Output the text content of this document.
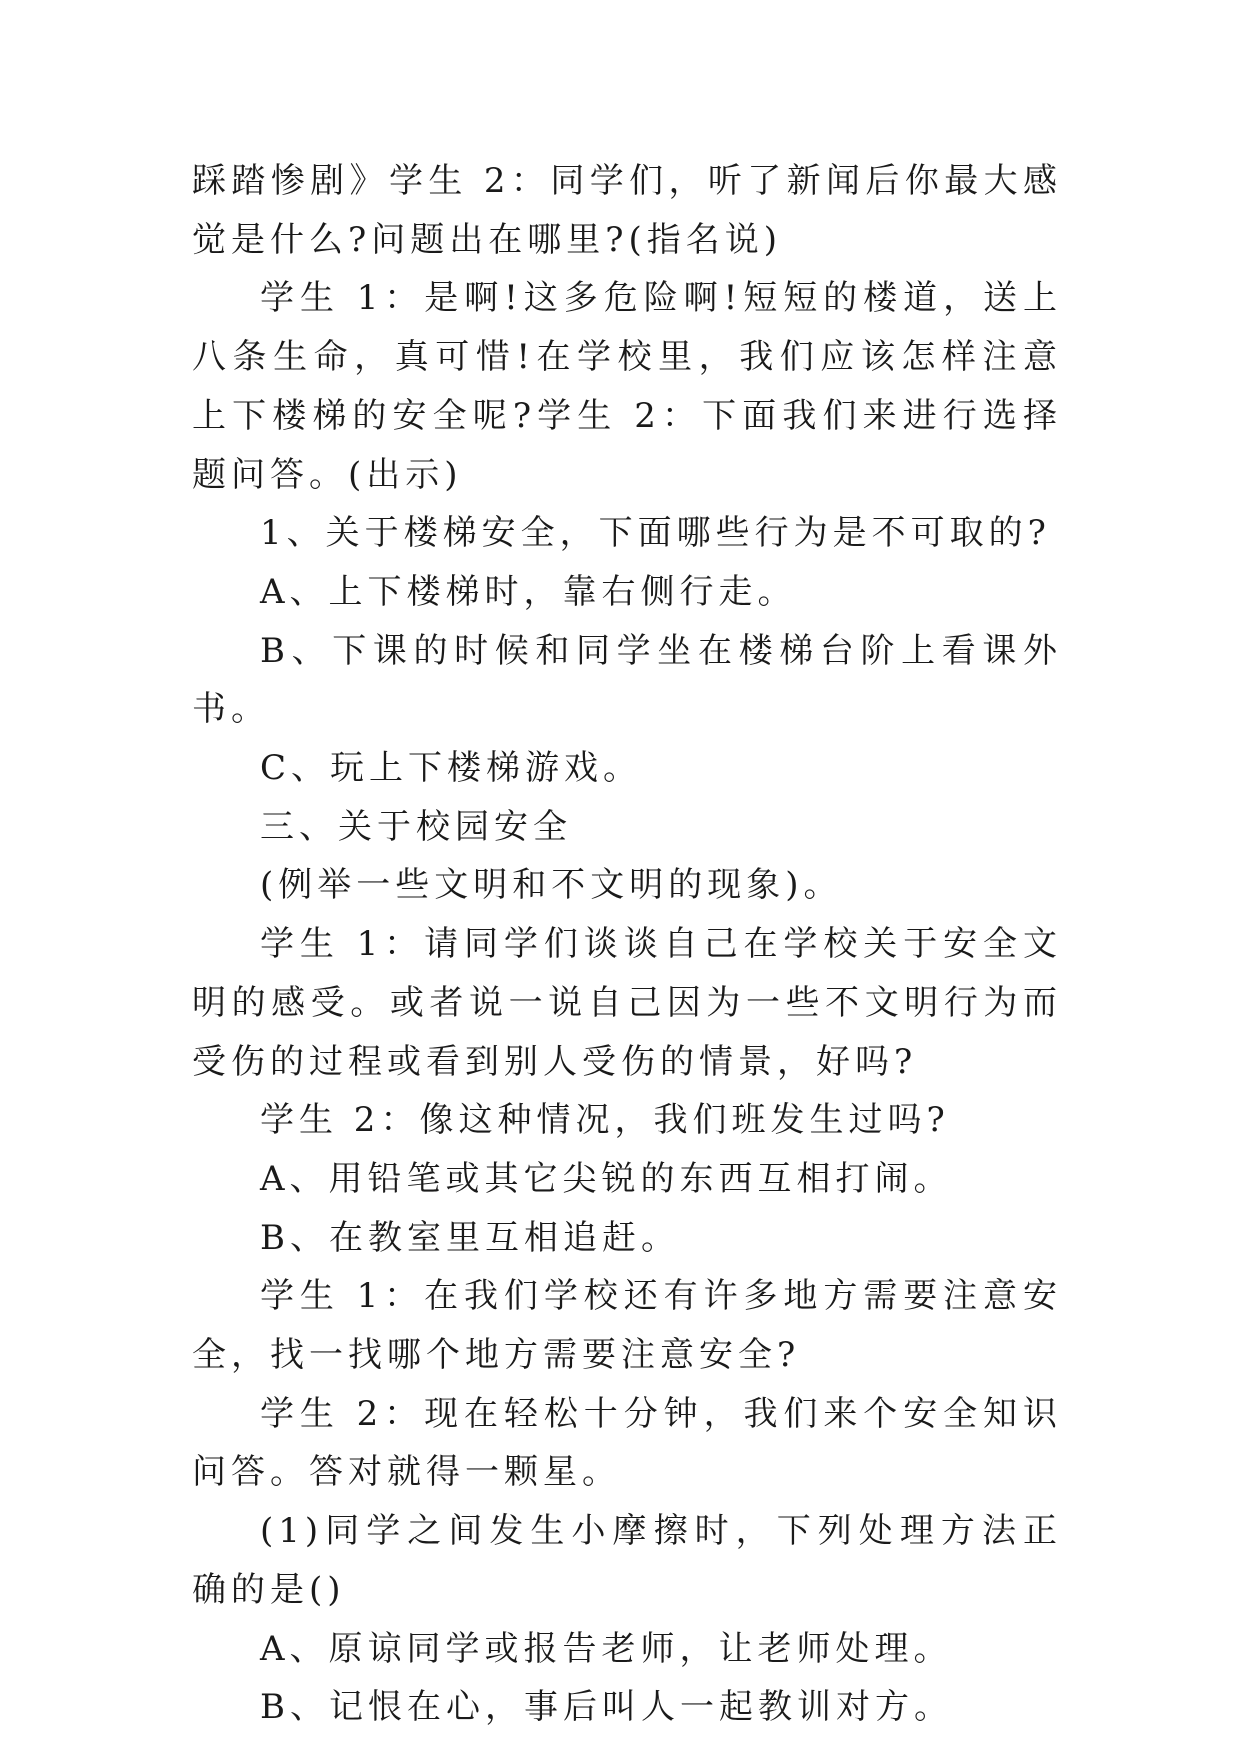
踩踏惨剧》学生 2：同学们，听了新闻后你最大感觉是什么?问题出在哪里?(指名说)

学生 1：是啊!这多危险啊!短短的楼道，送上八条生命，真可惜!在学校里，我们应该怎样注意上下楼梯的安全呢?学生 2：下面我们来进行选择题问答。(出示)

1、关于楼梯安全，下面哪些行为是不可取的?

A、上下楼梯时，靠右侧行走。

B、下课的时候和同学坐在楼梯台阶上看课外书。

C、玩上下楼梯游戏。

三、关于校园安全

(例举一些文明和不文明的现象)。

学生 1：请同学们谈谈自己在学校关于安全文明的感受。或者说一说自己因为一些不文明行为而受伤的过程或看到别人受伤的情景，好吗?

学生 2：像这种情况，我们班发生过吗?

A、用铅笔或其它尖锐的东西互相打闹。

B、在教室里互相追赶。

学生 1：在我们学校还有许多地方需要注意安全，找一找哪个地方需要注意安全?

学生 2：现在轻松十分钟，我们来个安全知识问答。答对就得一颗星。

(1)同学之间发生小摩擦时，下列处理方法正确的是()

A、原谅同学或报告老师，让老师处理。

B、记恨在心，事后叫人一起教训对方。
